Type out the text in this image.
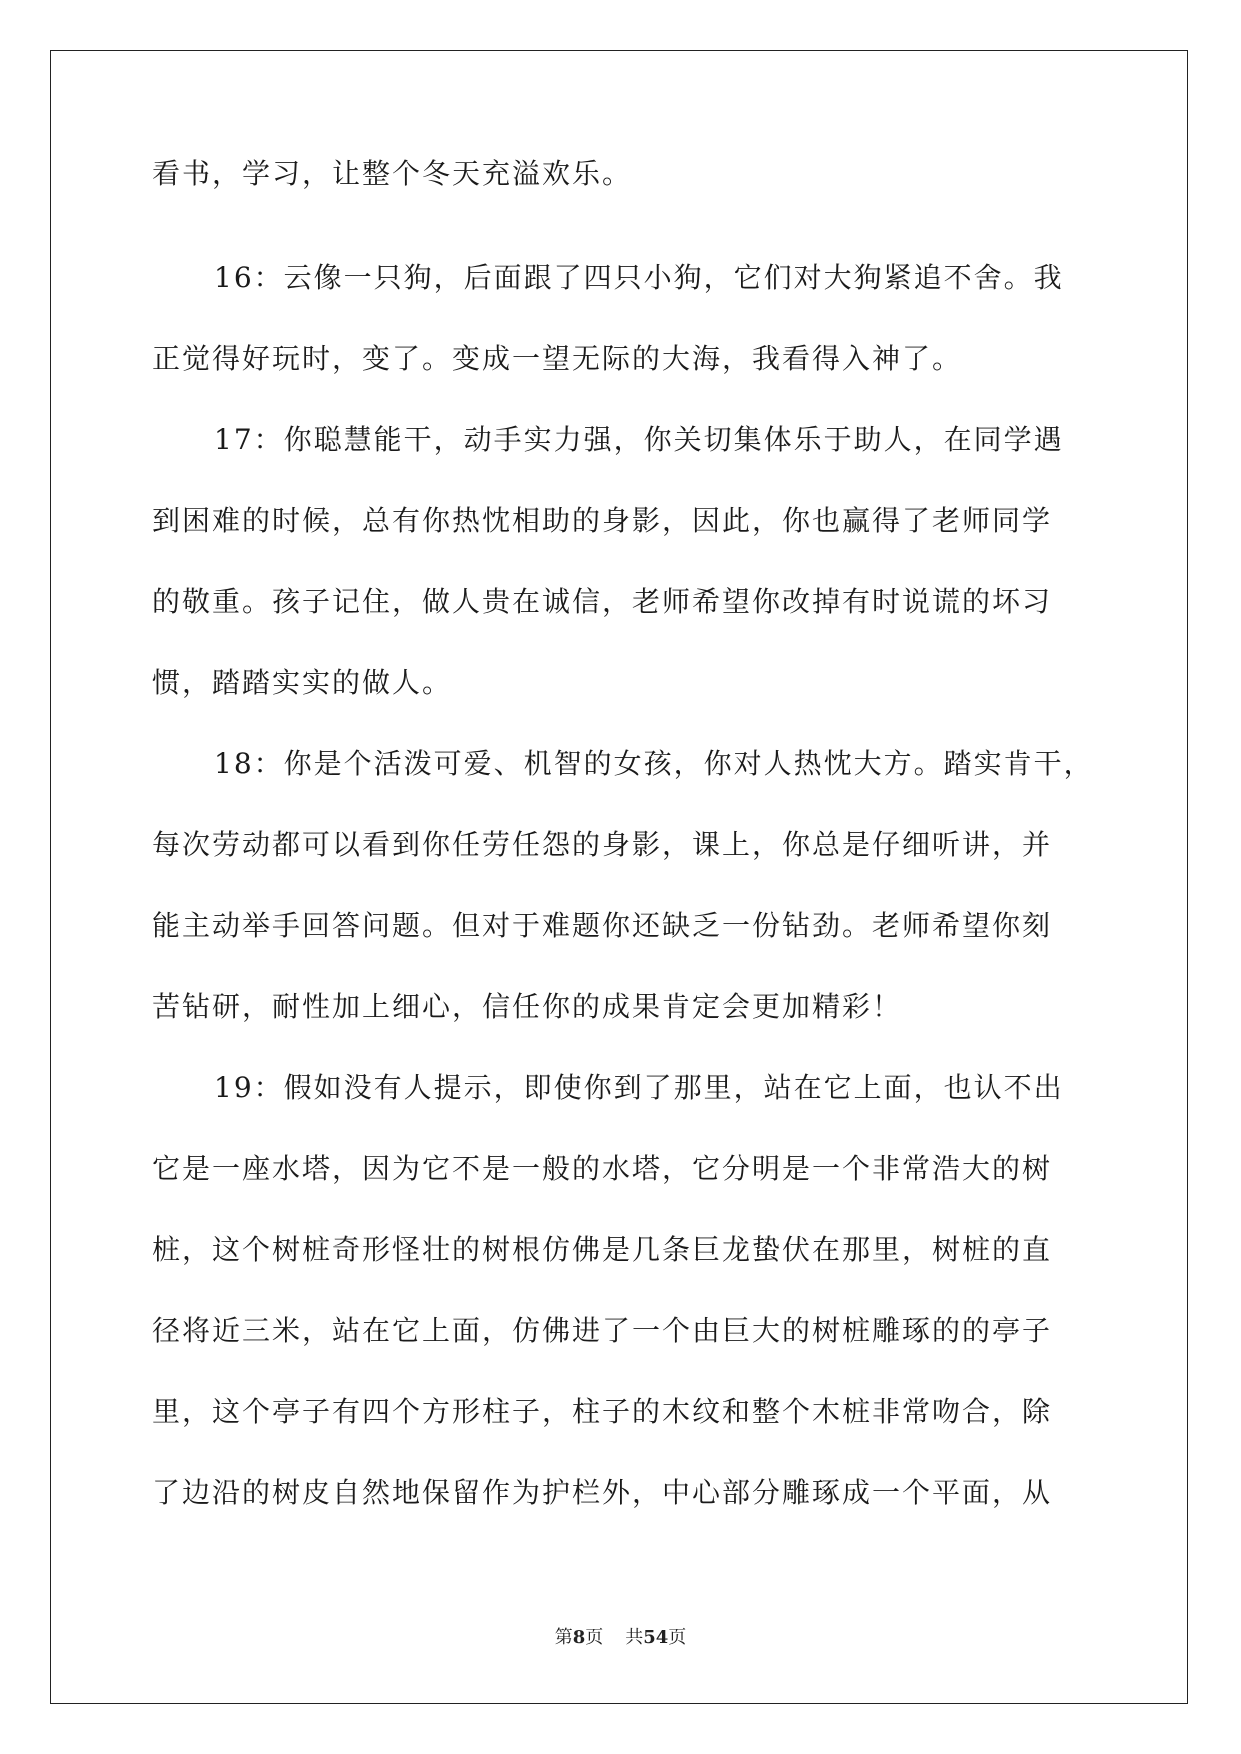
看书，学习，让整个冬天充溢欢乐。
16：云像一只狗，后面跟了四只小狗，它们对大狗紧追不舍。我
正觉得好玩时，变了。变成一望无际的大海，我看得入神了。
17：你聪慧能干，动手实力强，你关切集体乐于助人，在同学遇
到困难的时候，总有你热忱相助的身影，因此，你也赢得了老师同学
的敬重。孩子记住，做人贵在诚信，老师希望你改掉有时说谎的坏习
惯，踏踏实实的做人。
18：你是个活泼可爱、机智的女孩，你对人热忱大方。踏实肯干，
每次劳动都可以看到你任劳任怨的身影，课上，你总是仔细听讲，并
能主动举手回答问题。但对于难题你还缺乏一份钻劲。老师希望你刻
苦钻研，耐性加上细心，信任你的成果肯定会更加精彩！
19：假如没有人提示，即使你到了那里，站在它上面，也认不出
它是一座水塔，因为它不是一般的水塔，它分明是一个非常浩大的树
桩，这个树桩奇形怪壮的树根仿佛是几条巨龙蛰伏在那里，树桩的直
径将近三米，站在它上面，仿佛进了一个由巨大的树桩雕琢的的亭子
里，这个亭子有四个方形柱子，柱子的木纹和整个木桩非常吻合，除
了边沿的树皮自然地保留作为护栏外，中心部分雕琢成一个平面，从
第8页 共54页
